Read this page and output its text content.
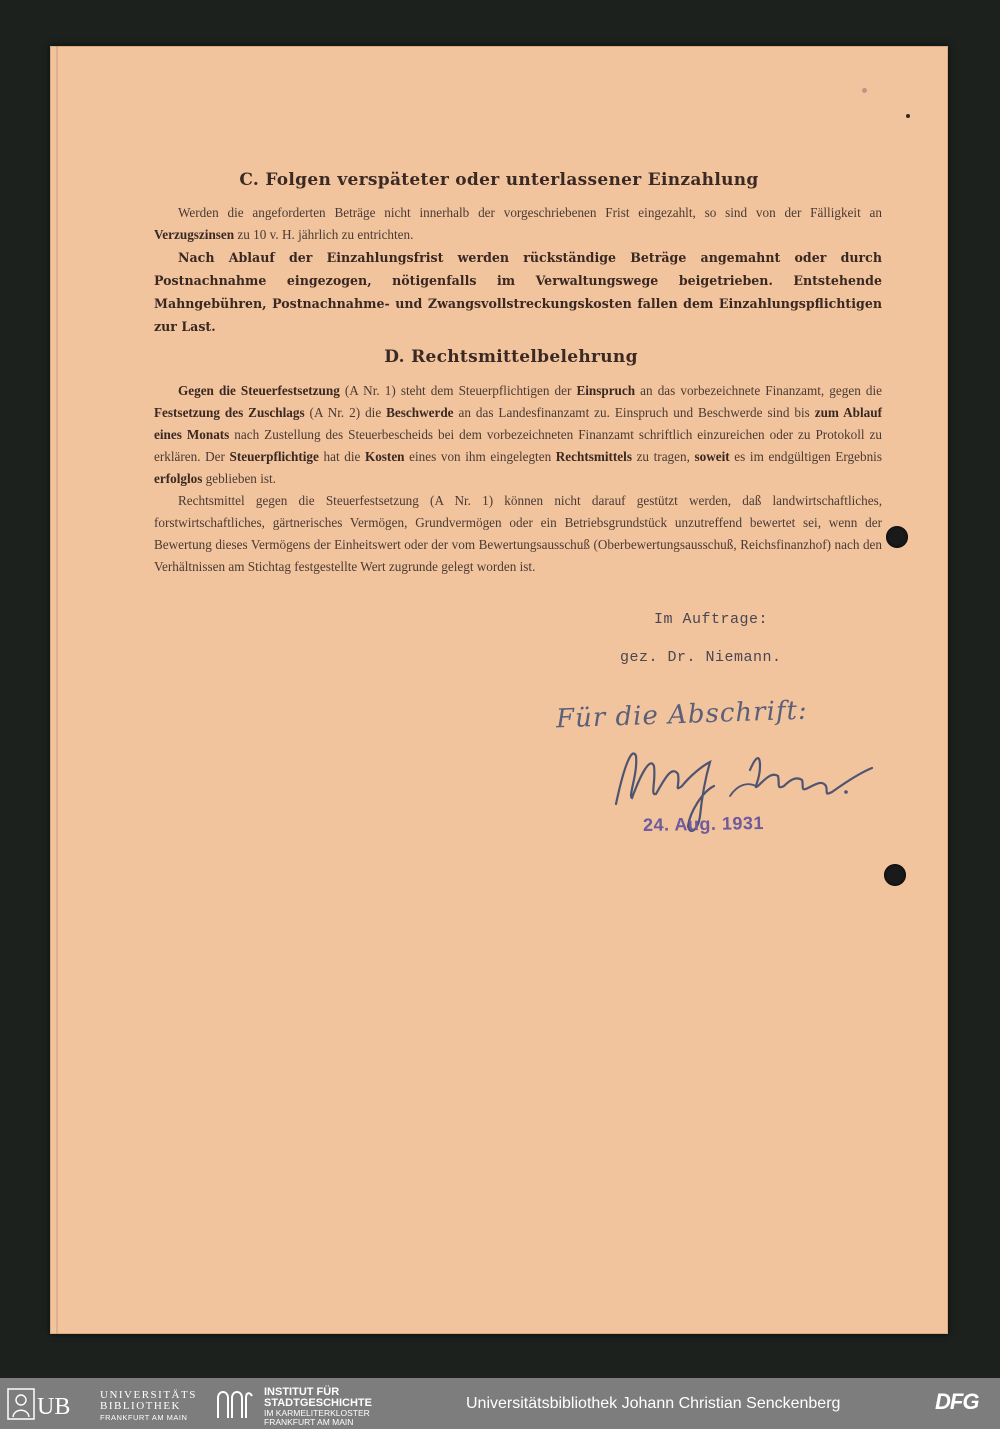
C. Folgen verspäteter oder unterlassener Einzahlung

Werden die angeforderten Beträge nicht innerhalb der vorgeschriebenen Frist eingezahlt, so sind von der Fälligkeit an Verzugszinsen zu 10 v. H. jährlich zu entrichten.

Nach Ablauf der Einzahlungsfrist werden rückständige Beträge angemahnt oder durch Postnachnahme eingezogen, nötigenfalls im Verwaltungswege beigetrieben. Entstehende Mahngebühren, Postnachnahme- und Zwangsvollstreckungskosten fallen dem Einzahlungspflichtigen zur Last.

D. Rechtsmittelbelehrung

Gegen die Steuerfestsetzung (A Nr. 1) steht dem Steuerpflichtigen der Einspruch an das vorbezeichnete Finanzamt, gegen die Festsetzung des Zuschlags (A Nr. 2) die Beschwerde an das Landesfinanzamt zu. Einspruch und Beschwerde sind bis zum Ablauf eines Monats nach Zustellung des Steuerbescheids bei dem vorbezeichneten Finanzamt schriftlich einzureichen oder zu Protokoll zu erklären. Der Steuerpflichtige hat die Kosten eines von ihm eingelegten Rechtsmittels zu tragen, soweit es im endgültigen Ergebnis erfolglos geblieben ist.

Rechtsmittel gegen die Steuerfestsetzung (A Nr. 1) können nicht darauf gestützt werden, daß landwirtschaftliches, forstwirtschaftliches, gärtnerisches Vermögen, Grundvermögen oder ein Betriebsgrundstück unzutreffend bewertet sei, wenn der Bewertung dieses Vermögens der Einheitswert oder der vom Bewertungsausschuß (Oberbewertungsausschuß, Reichsfinanzhof) nach den Verhältnissen am Stichtag festgestellte Wert zugrunde gelegt worden ist.

Im Auftrage:
gez. Dr. Niemann.
Für die Abschrift:
24. Aug. 1931
UB	UNIVERSITÄTS
BIBLIOTHEK
FRANKFURT AM MAIN
INSTITUT FÜR
STADTGESCHICHTE
IM KARMELITERKLOSTER
FRANKFURT AM MAIN
Universitätsbibliothek Johann Christian Senckenberg	DFG
